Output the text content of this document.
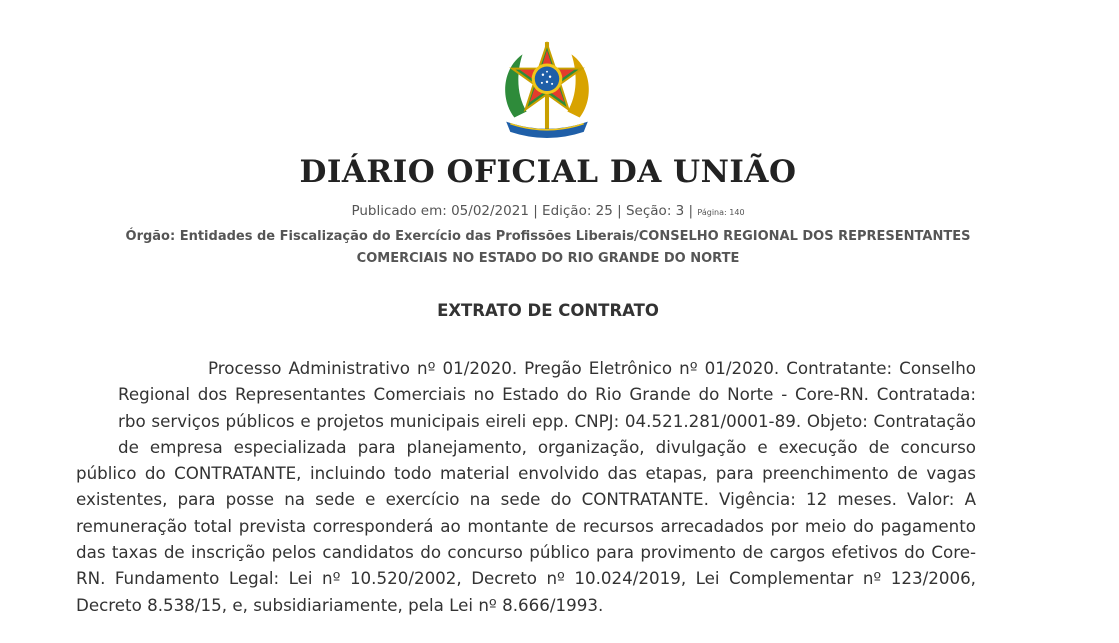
DIÁRIO OFICIAL DA UNIÃO
Publicado em: 05/02/2021 | Edição: 25 | Seção: 3 | Página: 140
Órgão: Entidades de Fiscalização do Exercício das Profissões Liberais/CONSELHO REGIONAL DOS REPRESENTANTES
COMERCIAIS NO ESTADO DO RIO GRANDE DO NORTE
EXTRATO DE CONTRATO
Processo Administrativo nº 01/2020. Pregão Eletrônico nº 01/2020. Contratante: Conselho
Regional dos Representantes Comerciais no Estado do Rio Grande do Norte - Core-RN. Contratada:
rbo serviços públicos e projetos municipais eireli epp. CNPJ: 04.521.281/0001-89. Objeto: Contratação
de empresa especializada para planejamento, organização, divulgação e execução de concurso
público do CONTRATANTE, incluindo todo material envolvido das etapas, para preenchimento de vagas
existentes, para posse na sede e exercício na sede do CONTRATANTE. Vigência: 12 meses. Valor: A
remuneração total prevista corresponderá ao montante de recursos arrecadados por meio do pagamento
das taxas de inscrição pelos candidatos do concurso público para provimento de cargos efetivos do Core-
RN. Fundamento Legal: Lei nº 10.520/2002, Decreto nº 10.024/2019, Lei Complementar nº 123/2006,
Decreto 8.538/15, e, subsidiariamente, pela Lei nº 8.666/1993.
